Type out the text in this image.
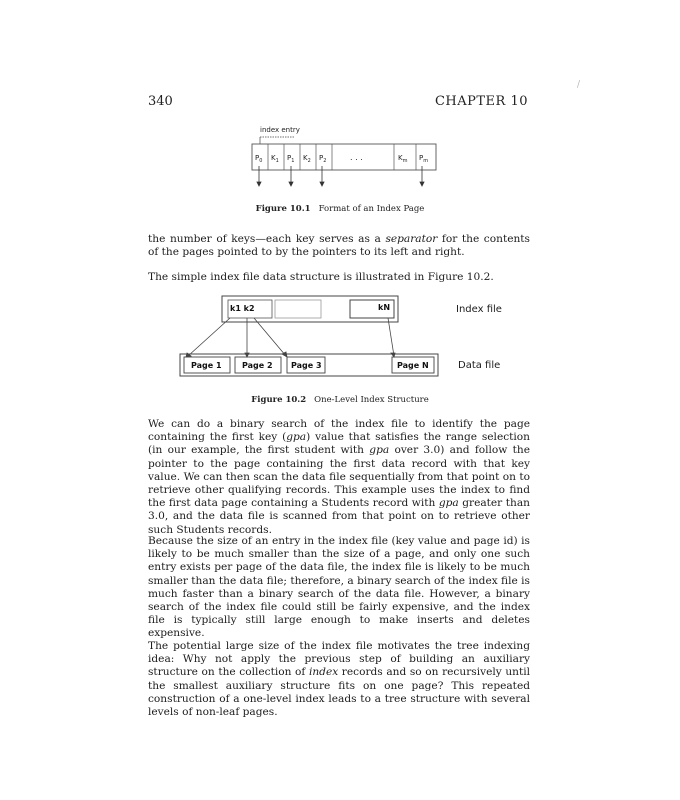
340	CHAPTER 10
/
index entry
$P_0$ $K_1$ $P_1$ $K_2$ $P_2$	. . .	$K_m$ $P_m$
Figure 10.1 Format of an Index Page
the number of keys—each key serves as a separator for the contents of the pages pointed to by the pointers to its left and right.
The simple index file data structure is illustrated in Figure 10.2.
k1 k2	kN
Page 1	Page 2 Page 3	Page N
Index file
Data file
Figure 10.2 One-Level Index Structure
We can do a binary search of the index file to identify the page containing the first key (gpa) value that satisfies the range selection (in our example, the first student with gpa over 3.0) and follow the pointer to the page containing the first data record with that key value. We can then scan the data file sequentially from that point on to retrieve other qualifying records. This example uses the index to find the first data page containing a Students record with gpa greater than 3.0, and the data file is scanned from that point on to retrieve other such Students records.
Because the size of an entry in the index file (key value and page id) is likely to be much smaller than the size of a page, and only one such entry exists per page of the data file, the index file is likely to be much smaller than the data file; therefore, a binary search of the index file is much faster than a binary search of the data file. However, a binary search of the index file could still be fairly expensive, and the index file is typically still large enough to make inserts and deletes expensive.
The potential large size of the index file motivates the tree indexing idea: Why not apply the previous step of building an auxiliary structure on the collection of index records and so on recursively until the smallest auxiliary structure fits on one page? This repeated construction of a one-level index leads to a tree structure with several levels of non-leaf pages.
